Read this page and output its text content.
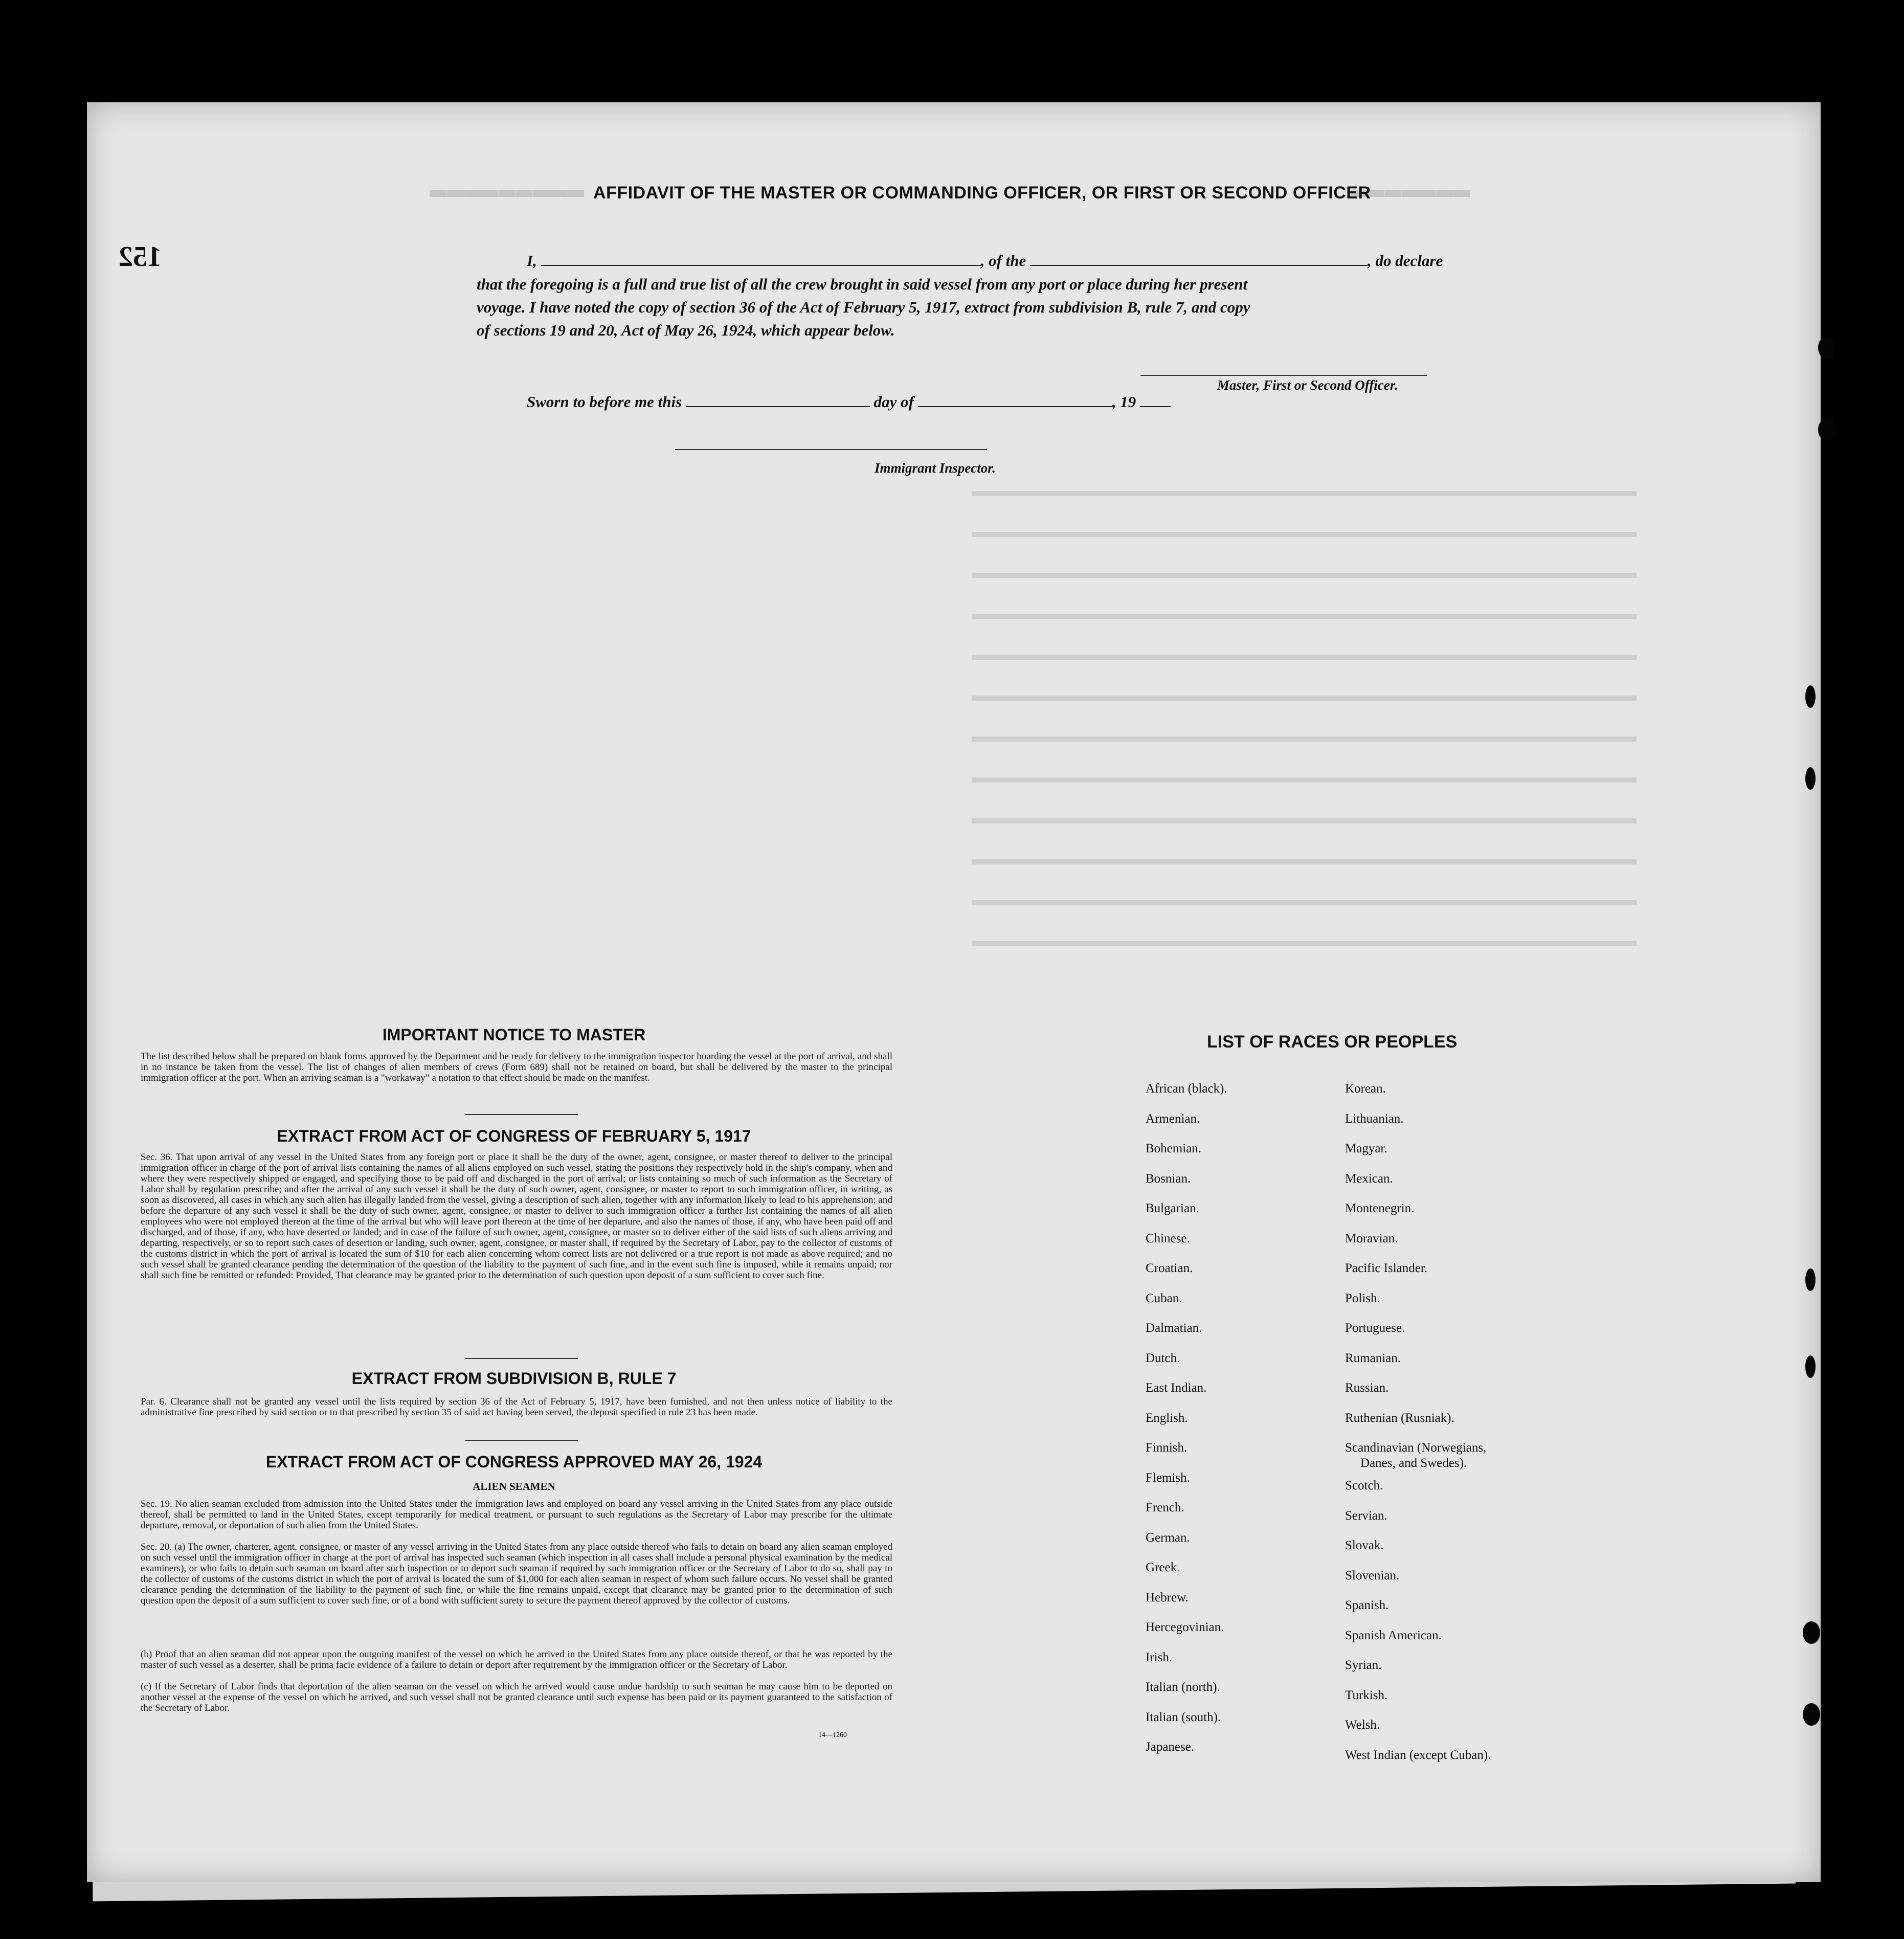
▬▬▬▬▬▬▬▬▬	▬▬▬▬▬▬▬
152
AFFIDAVIT OF THE MASTER OR COMMANDING OFFICER, OR FIRST OR SECOND OFFICER
I,	, of the	, do declare
that the foregoing is a full and true list of all the crew brought in said vessel from any port or place during her present
voyage. I have noted the copy of section 36 of the Act of February 5, 1917, extract from subdivision B, rule 7, and copy
of sections 19 and 20, Act of May 26, 1924, which appear below.
Master, First or Second Officer.
Sworn to before me this	day of	, 19
Immigrant Inspector.
IMPORTANT NOTICE TO MASTER
The list described below shall be prepared on blank forms approved by the Department and be ready for delivery to the immigration inspector boarding the vessel at the port of arrival, and shall in no instance be taken from the vessel. The list of changes of alien members of crews (Form 689) shall not be retained on board, but shall be delivered by the master to the principal immigration officer at the port. When an arriving seaman is a "workaway" a notation to that effect should be made on the manifest.
EXTRACT FROM ACT OF CONGRESS OF FEBRUARY 5, 1917
Sec. 36. That upon arrival of any vessel in the United States from any foreign port or place it shall be the duty of the owner, agent, consignee, or master thereof to deliver to the principal immigration officer in charge of the port of arrival lists containing the names of all aliens employed on such vessel, stating the positions they respectively hold in the ship's company, when and where they were respectively shipped or engaged, and specifying those to be paid off and discharged in the port of arrival; or lists containing so much of such information as the Secretary of Labor shall by regulation prescribe; and after the arrival of any such vessel it shall be the duty of such owner, agent, consignee, or master to report to such immigration officer, in writing, as soon as discovered, all cases in which any such alien has illegally landed from the vessel, giving a description of such alien, together with any information likely to lead to his apprehension; and before the departure of any such vessel it shall be the duty of such owner, agent, consignee, or master to deliver to such immigration officer a further list containing the names of all alien employees who were not employed thereon at the time of the arrival but who will leave port thereon at the time of her departure, and also the names of those, if any, who have been paid off and discharged, and of those, if any, who have deserted or landed; and in case of the failure of such owner, agent, consignee, or master so to deliver either of the said lists of such aliens arriving and departing, respectively, or so to report such cases of desertion or landing, such owner, agent, consignee, or master shall, if required by the Secretary of Labor, pay to the collector of customs of the customs district in which the port of arrival is located the sum of $10 for each alien concerning whom correct lists are not delivered or a true report is not made as above required; and no such vessel shall be granted clearance pending the determination of the question of the liability to the payment of such fine, and in the event such fine is imposed, while it remains unpaid; nor shall such fine be remitted or refunded: Provided, That clearance may be granted prior to the determination of such question upon deposit of a sum sufficient to cover such fine.
EXTRACT FROM SUBDIVISION B, RULE 7
Par. 6. Clearance shall not be granted any vessel until the lists required by section 36 of the Act of February 5, 1917, have been furnished, and not then unless notice of liability to the administrative fine prescribed by said section or to that prescribed by section 35 of said act having been served, the deposit specified in rule 23 has been made.
EXTRACT FROM ACT OF CONGRESS APPROVED MAY 26, 1924
ALIEN SEAMEN
Sec. 19. No alien seaman excluded from admission into the United States under the immigration laws and employed on board any vessel arriving in the United States from any place outside thereof, shall be permitted to land in the United States, except temporarily for medical treatment, or pursuant to such regulations as the Secretary of Labor may prescribe for the ultimate departure, removal, or deportation of such alien from the United States.
Sec. 20. (a) The owner, charterer, agent, consignee, or master of any vessel arriving in the United States from any place outside thereof who fails to detain on board any alien seaman employed on such vessel until the immigration officer in charge at the port of arrival has inspected such seaman (which inspection in all cases shall include a personal physical examination by the medical examiners), or who fails to detain such seaman on board after such inspection or to deport such seaman if required by such immigration officer or the Secretary of Labor to do so, shall pay to the collector of customs of the customs district in which the port of arrival is located the sum of $1,000 for each alien seaman in respect of whom such failure occurs. No vessel shall be granted clearance pending the determination of the liability to the payment of such fine, or while the fine remains unpaid, except that clearance may be granted prior to the determination of such question upon the deposit of a sum sufficient to cover such fine, or of a bond with sufficient surety to secure the payment thereof approved by the collector of customs.
(b) Proof that an alien seaman did not appear upon the outgoing manifest of the vessel on which he arrived in the United States from any place outside thereof, or that he was reported by the master of such vessel as a deserter, shall be prima facie evidence of a failure to detain or deport after requirement by the immigration officer or the Secretary of Labor.
(c) If the Secretary of Labor finds that deportation of the alien seaman on the vessel on which he arrived would cause undue hardship to such seaman he may cause him to be deported on another vessel at the expense of the vessel on which he arrived, and such vessel shall not be granted clearance until such expense has been paid or its payment guaranteed to the satisfaction of the Secretary of Labor.
14—1260
LIST OF RACES OR PEOPLES
African (black).
Armenian.
Bohemian.
Bosnian.
Bulgarian.
Chinese.
Croatian.
Cuban.
Dalmatian.
Dutch.
East Indian.
English.
Finnish.
Flemish.
French.
German.
Greek.
Hebrew.
Hercegovinian.
Irish.
Italian (north).
Italian (south).
Japanese.
Korean.
Lithuanian.
Magyar.
Mexican.
Montenegrin.
Moravian.
Pacific Islander.
Polish.
Portuguese.
Rumanian.
Russian.
Ruthenian (Rusniak).
Scandinavian (Norwegians,
Danes, and Swedes).
Scotch.
Servian.
Slovak.
Slovenian.
Spanish.
Spanish American.
Syrian.
Turkish.
Welsh.
West Indian (except Cuban).
